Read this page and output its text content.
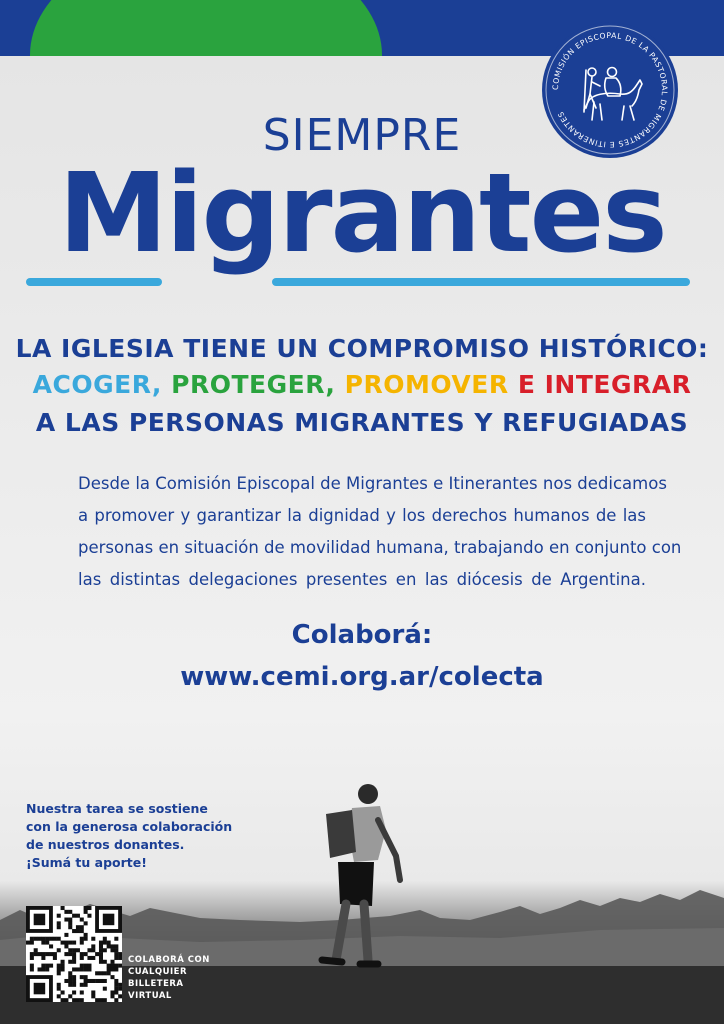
COMISIÓN EPISCOPAL DE LA PASTORAL DE MIGRANTES E ITINERANTES
SIEMPRE
Migrantes
LA IGLESIA TIENE UN COMPROMISO HISTÓRICO:
ACOGER, PROTEGER, PROMOVER E INTEGRAR
A LAS PERSONAS MIGRANTES Y REFUGIADAS
Desde la Comisión Episcopal de Migrantes e Itinerantes nos dedicamos
a promover y garantizar la dignidad y los derechos humanos de las
personas en situación de movilidad humana, trabajando en conjunto con
las distintas delegaciones presentes en las diócesis de Argentina.
Colaborá:
www.cemi.org.ar/colecta
Nuestra tarea se sostiene
con la generosa colaboración
de nuestros donantes.
¡Sumá tu aporte!
COLABORÁ CON
CUALQUIER
BILLETERA
VIRTUAL
